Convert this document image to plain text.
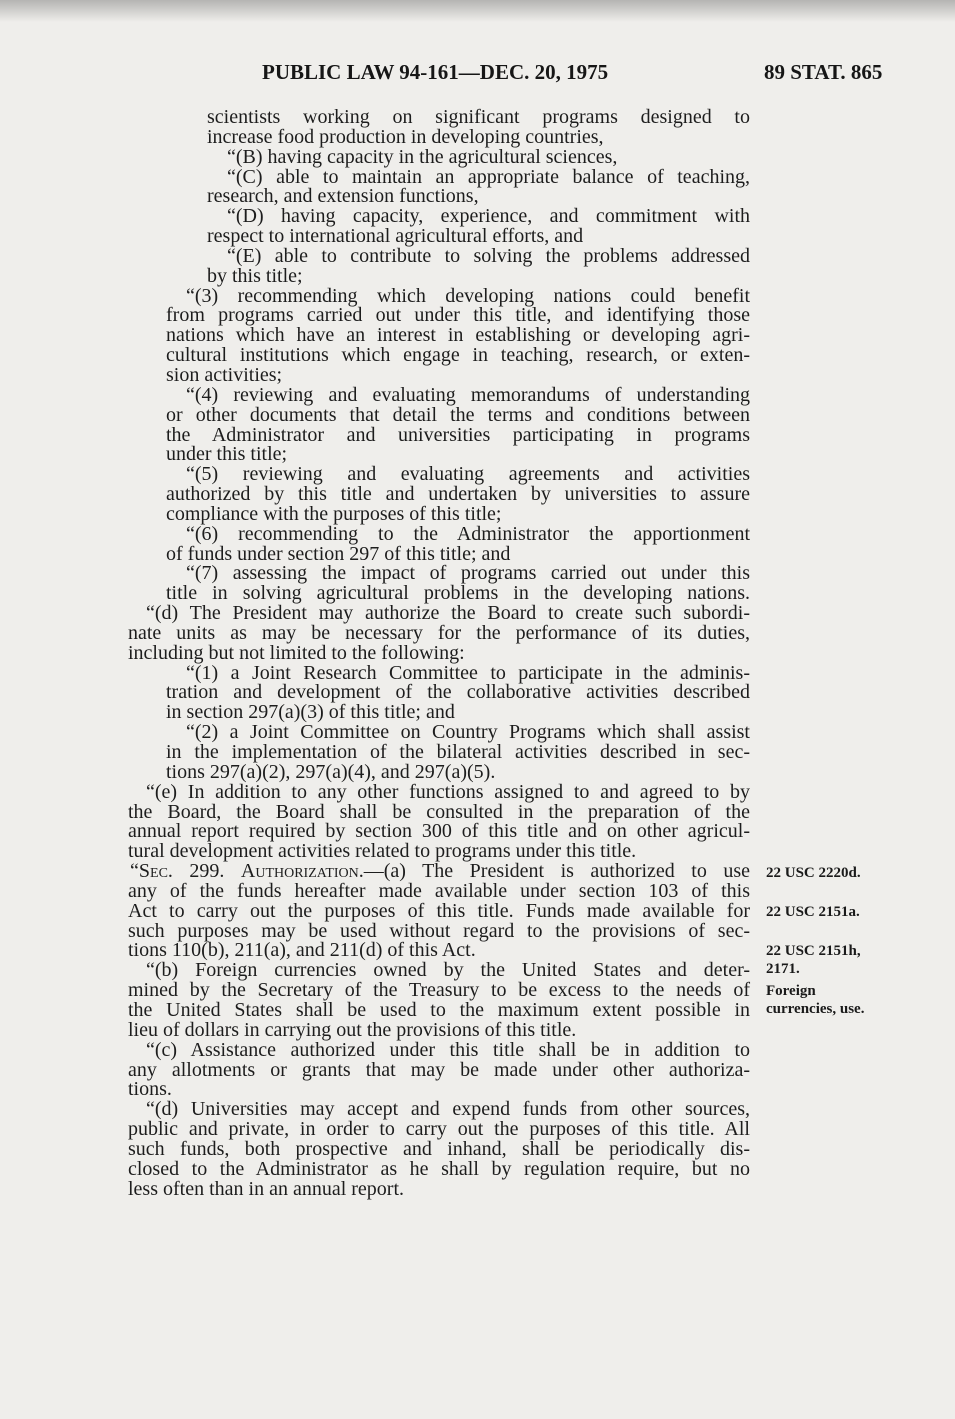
PUBLIC LAW 94-161—DEC. 20, 1975	89 STAT. 865
scientists working on significant programs designed to
increase food production in developing countries,
“(B) having capacity in the agricultural sciences,
“(C) able to maintain an appropriate balance of teaching,
research, and extension functions,
“(D) having capacity, experience, and commitment with
respect to international agricultural efforts, and
“(E) able to contribute to solving the problems addressed
by this title;
“(3) recommending which developing nations could benefit
from programs carried out under this title, and identifying those
nations which have an interest in establishing or developing agri-
cultural institutions which engage in teaching, research, or exten-
sion activities;
“(4) reviewing and evaluating memorandums of understanding
or other documents that detail the terms and conditions between
the Administrator and universities participating in programs
under this title;
“(5) reviewing and evaluating agreements and activities
authorized by this title and undertaken by universities to assure
compliance with the purposes of this title;
“(6) recommending to the Administrator the apportionment
of funds under section 297 of this title; and
“(7) assessing the impact of programs carried out under this
title in solving agricultural problems in the developing nations.
“(d) The President may authorize the Board to create such subordi-
nate units as may be necessary for the performance of its duties,
including but not limited to the following:
“(1) a Joint Research Committee to participate in the adminis-
tration and development of the collaborative activities described
in section 297(a)(3) of this title; and
“(2) a Joint Committee on Country Programs which shall assist
in the implementation of the bilateral activities described in sec-
tions 297(a)(2), 297(a)(4), and 297(a)(5).
“(e) In addition to any other functions assigned to and agreed to by
the Board, the Board shall be consulted in the preparation of the
annual report required by section 300 of this title and on other agricul-
tural development activities related to programs under this title.
“Sec. 299. Authorization.—(a) The President is authorized to use
any of the funds hereafter made available under section 103 of this
Act to carry out the purposes of this title. Funds made available for
such purposes may be used without regard to the provisions of sec-
tions 110(b), 211(a), and 211(d) of this Act.
“(b) Foreign currencies owned by the United States and deter-
mined by the Secretary of the Treasury to be excess to the needs of
the United States shall be used to the maximum extent possible in
lieu of dollars in carrying out the provisions of this title.
“(c) Assistance authorized under this title shall be in addition to
any allotments or grants that may be made under other authoriza-
tions.
“(d) Universities may accept and expend funds from other sources,
public and private, in order to carry out the purposes of this title. All
such funds, both prospective and inhand, shall be periodically dis-
closed to the Administrator as he shall by regulation require, but no
less often than in an annual report.
22 USC 2220d.
22 USC 2151a.
22 USC 2151h,
2171.
Foreign
currencies, use.
